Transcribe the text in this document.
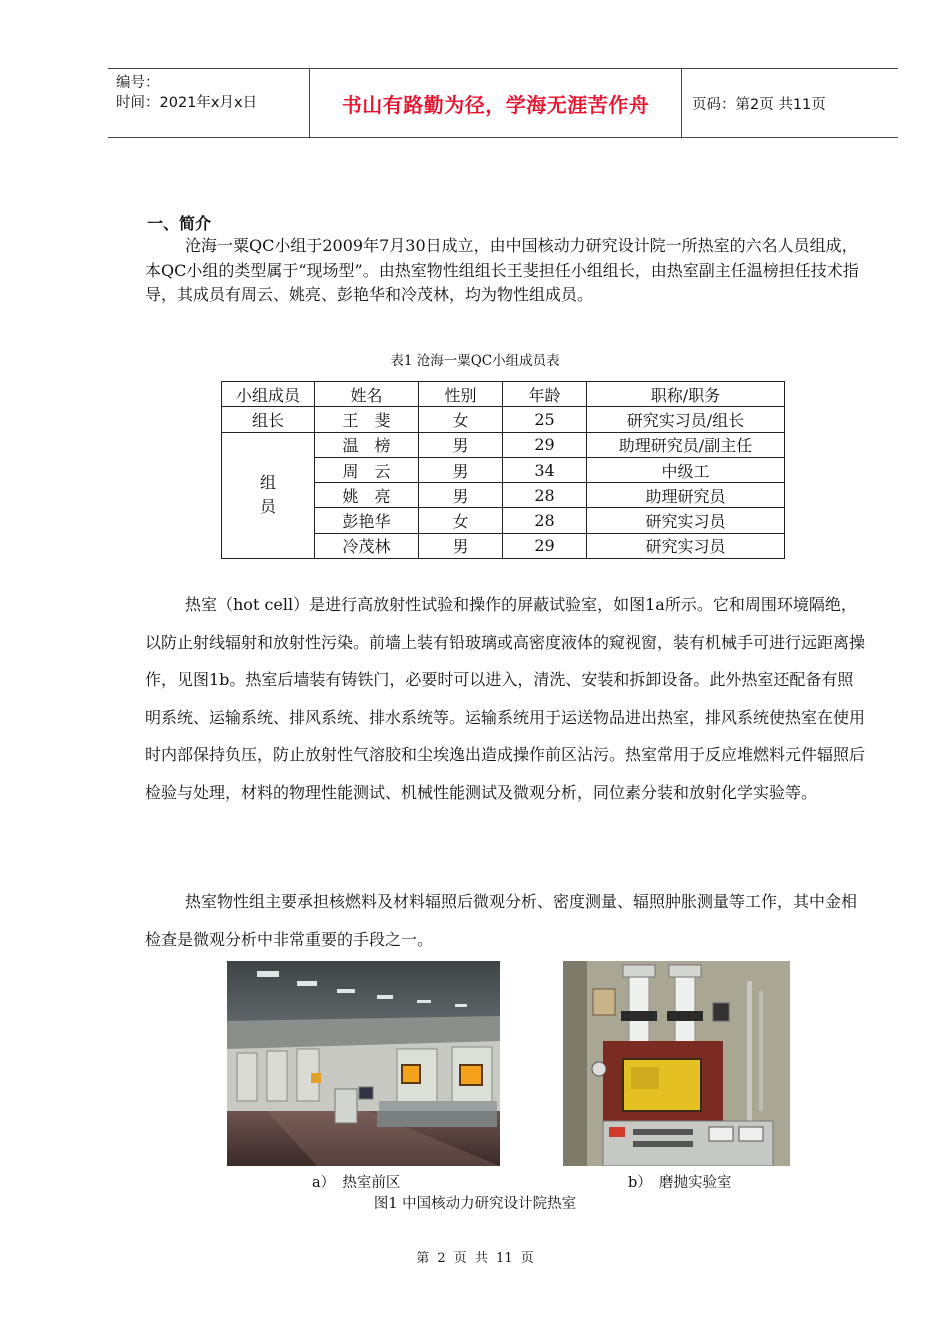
编号：
时间：2021年x月x日	书山有路勤为径，学海无涯苦作舟	页码：第2页 共11页
一、简介

沧海一粟QC小组于2009年7月30日成立，由中国核动力研究设计院一所热室的六名人员组成，本QC小组的类型属于“现场型”。由热室物性组组长王斐担任小组组长，由热室副主任温榜担任技术指导，其成员有周云、姚亮、彭艳华和冷茂林，均为物性组成员。

表1 沧海一粟QC小组成员表
小组成员	姓名	性别	年龄	职称/职务
组长	王　斐	女	25	研究实习员/组长
组
员	温　榜	男	29	助理研究员/副主任
	周　云	男	34	中级工
	姚　亮	男	28	助理研究员
	彭艳华	女	28	研究实习员
	冷茂林	男	29	研究实习员

热室（hot cell）是进行高放射性试验和操作的屏蔽试验室，如图1a所示。它和周围环境隔绝，以防止射线辐射和放射性污染。前墙上装有铅玻璃或高密度液体的窥视窗，装有机械手可进行远距离操作，见图1b。热室后墙装有铸铁门，必要时可以进入，清洗、安装和拆卸设备。此外热室还配备有照明系统、运输系统、排风系统、排水系统等。运输系统用于运送物品进出热室，排风系统使热室在使用时内部保持负压，防止放射性气溶胶和尘埃逸出造成操作前区沾污。热室常用于反应堆燃料元件辐照后检验与处理，材料的物理性能测试、机械性能测试及微观分析，同位素分装和放射化学实验等。

热室物性组主要承担核燃料及材料辐照后微观分析、密度测量、辐照肿胀测量等工作，其中金相检查是微观分析中非常重要的手段之一。

a）　热室前区	b）　磨抛实验室
图1 中国核动力研究设计院热室
第 2 页 共 11 页
